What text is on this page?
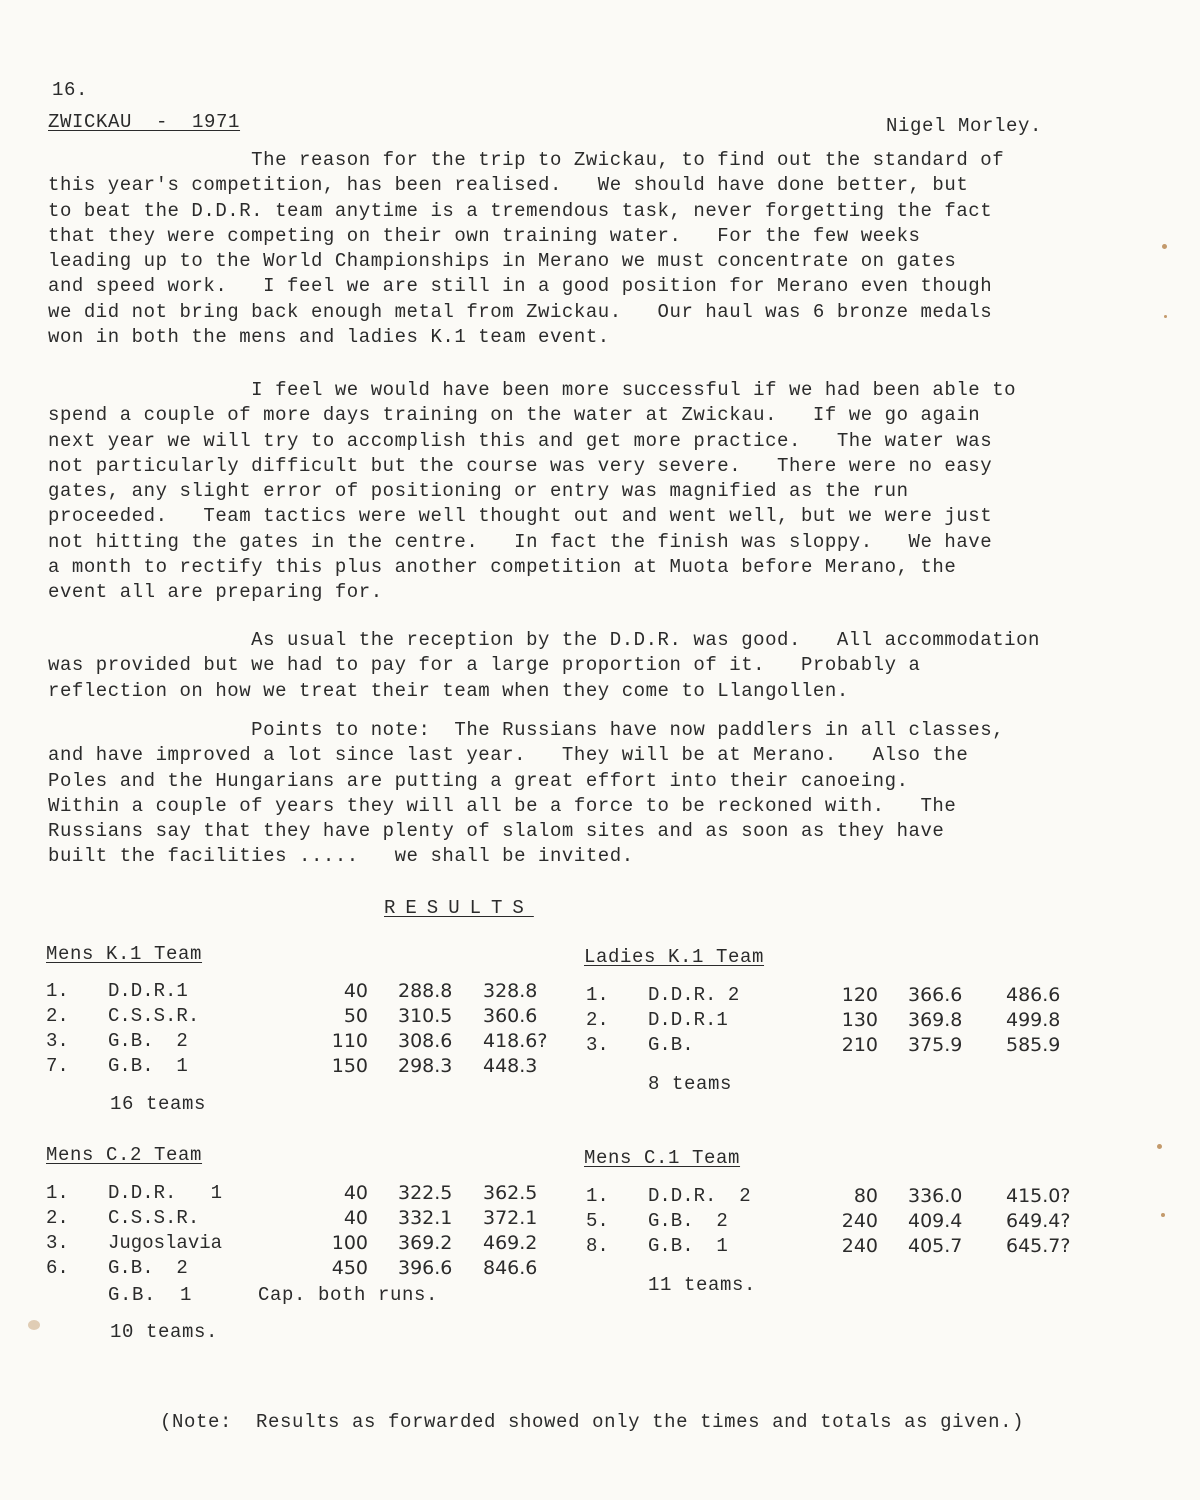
16.
ZWICKAU  -  1971	Nigel Morley.
The reason for the trip to Zwickau, to find out the standard of
this year's competition, has been realised.   We should have done better, but
to beat the D.D.R. team anytime is a tremendous task, never forgetting the fact
that they were competing on their own training water.   For the few weeks
leading up to the World Championships in Merano we must concentrate on gates
and speed work.   I feel we are still in a good position for Merano even though
we did not bring back enough metal from Zwickau.   Our haul was 6 bronze medals
won in both the mens and ladies K.1 team event.
I feel we would have been more successful if we had been able to
spend a couple of more days training on the water at Zwickau.   If we go again
next year we will try to accomplish this and get more practice.   The water was
not particularly difficult but the course was very severe.   There were no easy
gates, any slight error of positioning or entry was magnified as the run
proceeded.   Team tactics were well thought out and went well, but we were just
not hitting the gates in the centre.   In fact the finish was sloppy.   We have
a month to rectify this plus another competition at Muota before Merano, the
event all are preparing for.
As usual the reception by the D.D.R. was good.   All accommodation
was provided but we had to pay for a large proportion of it.   Probably a
reflection on how we treat their team when they come to Llangollen.
Points to note:  The Russians have now paddlers in all classes,
and have improved a lot since last year.   They will be at Merano.   Also the
Poles and the Hungarians are putting a great effort into their canoeing.
Within a couple of years they will all be a force to be reckoned with.   The
Russians say that they have plenty of slalom sites and as soon as they have
built the facilities .....   we shall be invited.
RESULTS
Mens K.1 Team
1.	D.D.R.1	40		288.8	328.8
2.	C.S.S.R.	50		310.5	360.6
3.	G.B.  2	110		308.6	418.6?
7.	G.B.  1	150		298.3	448.3
16 teams
Ladies K.1 Team
1.	D.D.R. 2	120		366.6	486.6
2.	D.D.R.1	130		369.8	499.8
3.	G.B.	210		375.9	585.9
8 teams
Mens C.2 Team
1.	D.D.R.   1	40		322.5	362.5
2.	C.S.S.R.	40		332.1	372.1
3.	Jugoslavia	100		369.2	469.2
6.	G.B.  2	450		396.6	846.6
G.B.  1	Cap. both runs.
10 teams.
Mens C.1 Team
1.	D.D.R.  2	80		336.0	415.0?
5.	G.B.  2	240		409.4	649.4?
8.	G.B.  1	240		405.7	645.7?
11 teams.
(Note:  Results as forwarded showed only the times and totals as given.)
